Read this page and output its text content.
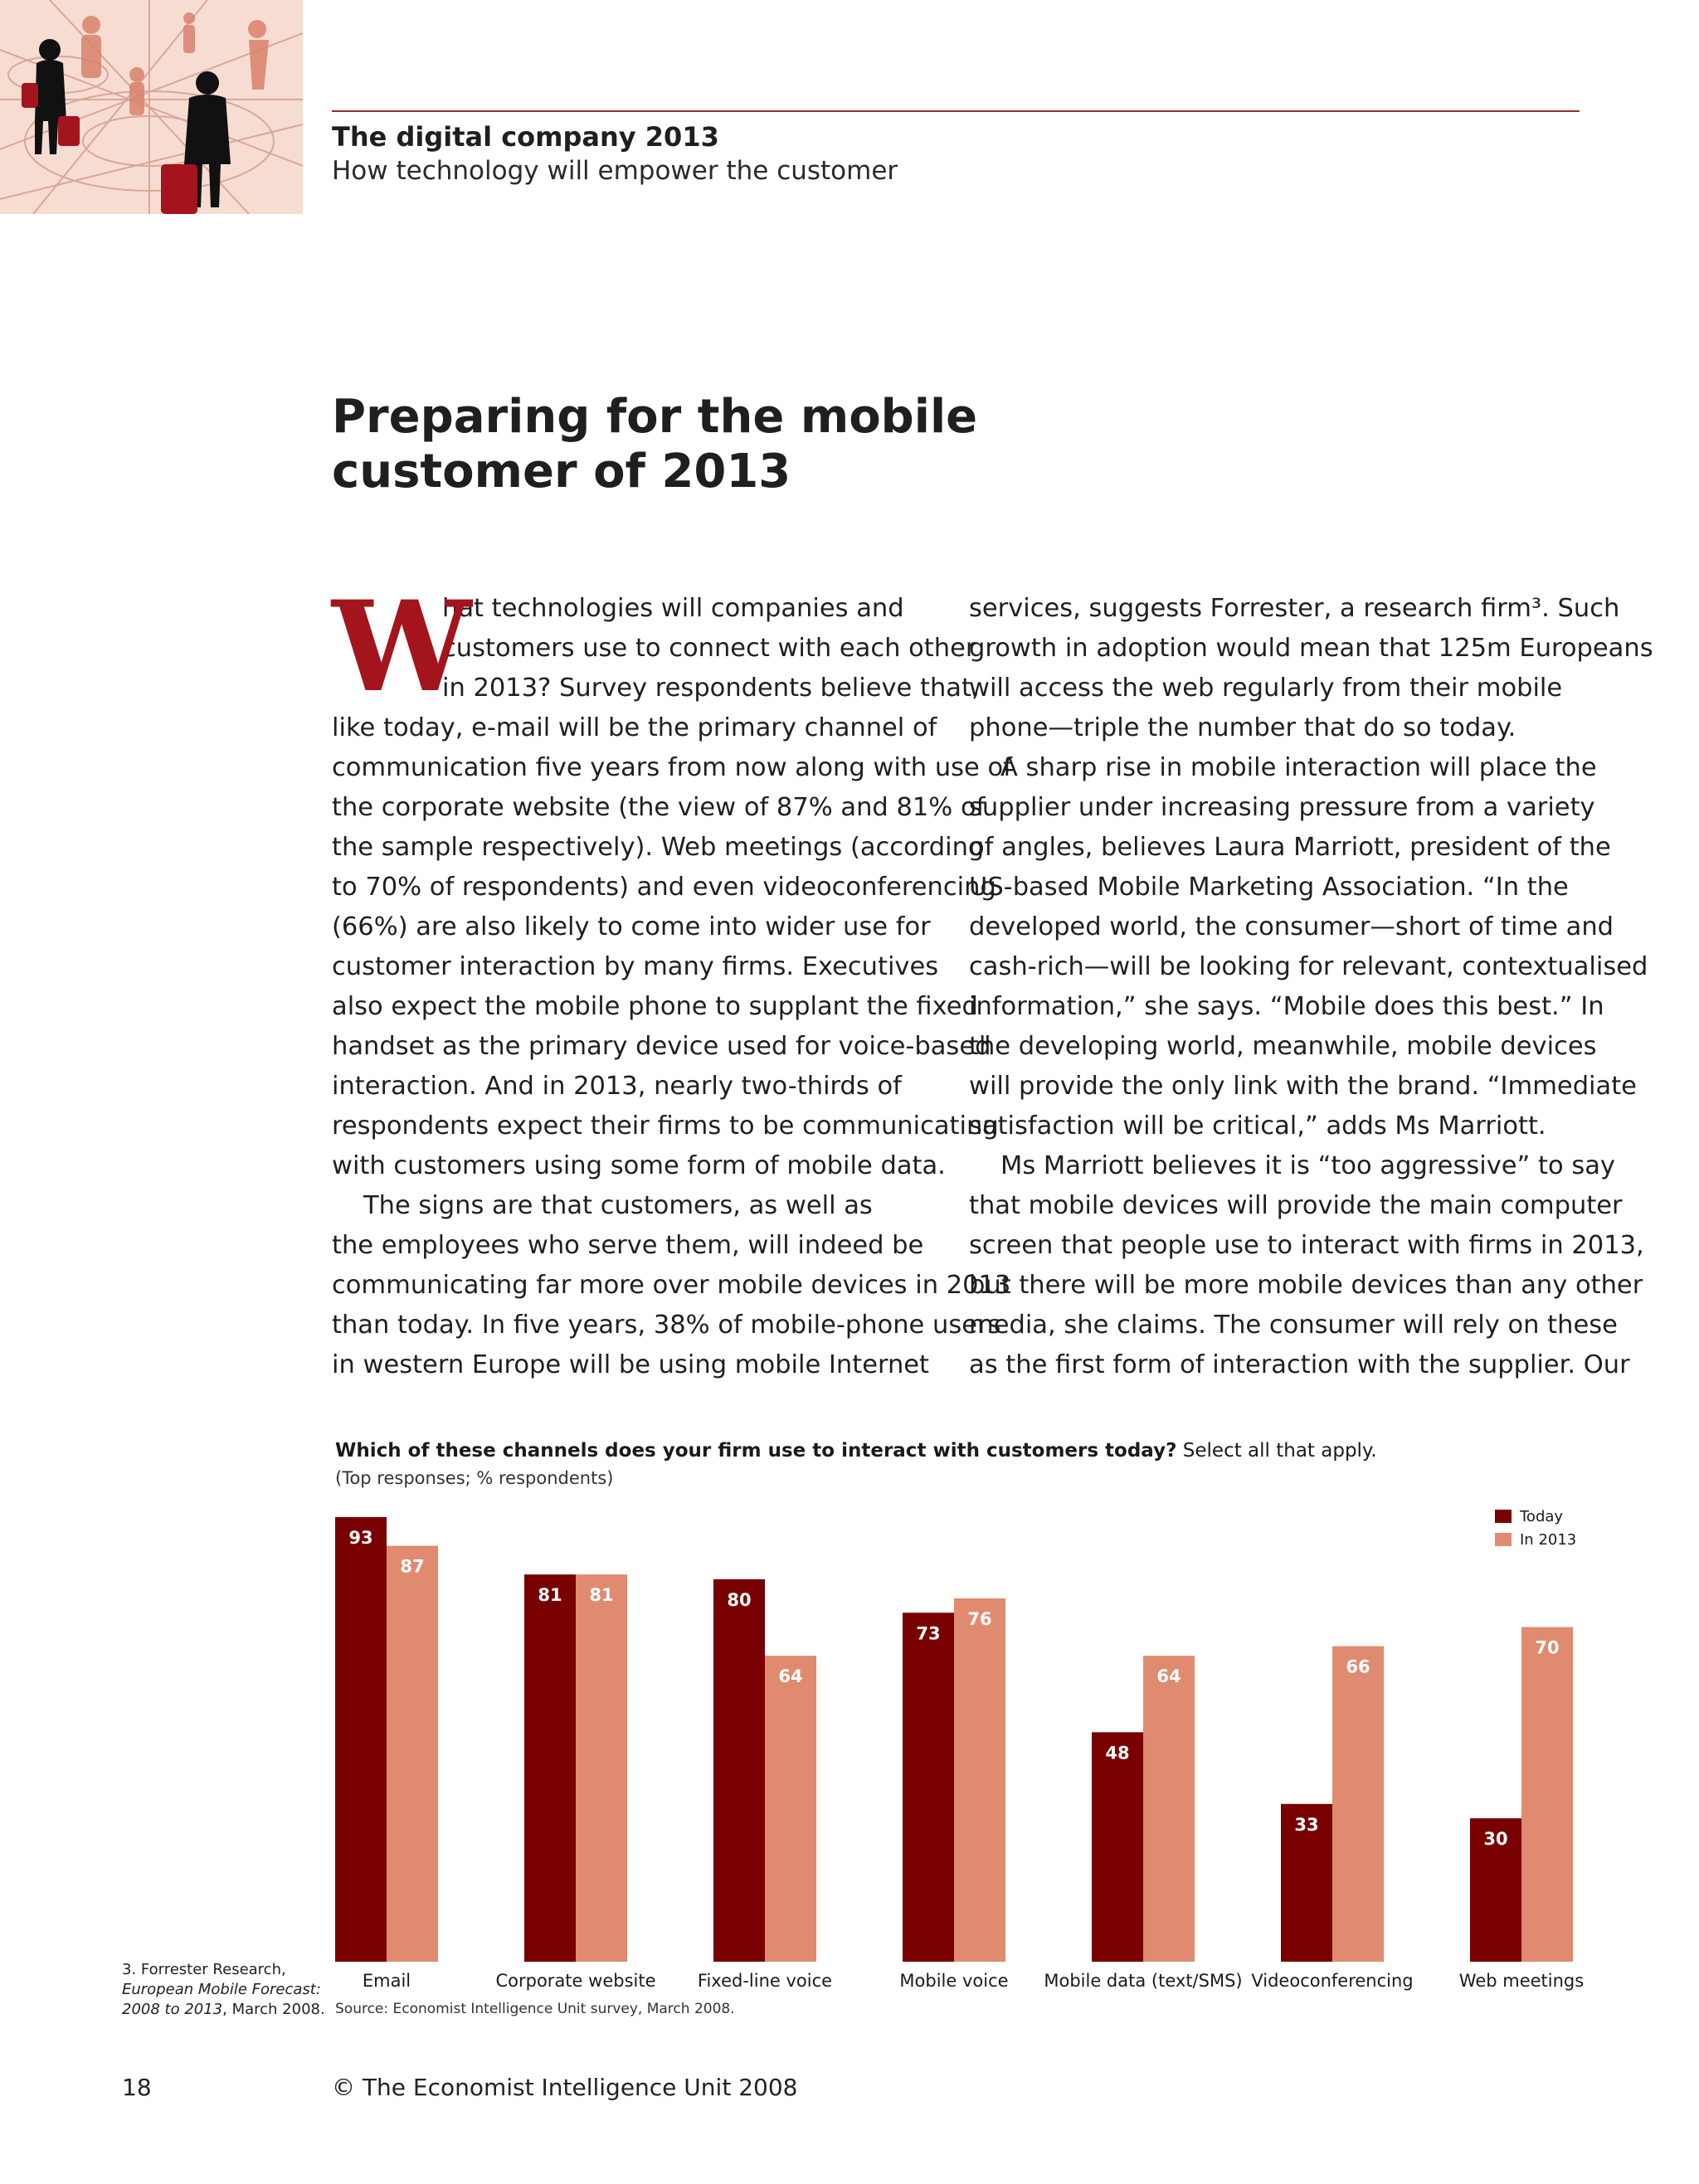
The digital company 2013
How technology will empower the customer
Preparing for the mobile
customer of 2013
W

hat technologies will companies and

customers use to connect with each other

in 2013? Survey respondents believe that,

like today, e-mail will be the primary channel of

communication five years from now along with use of

the corporate website (the view of 87% and 81% of

the sample respectively). Web meetings (according

to 70% of respondents) and even videoconferencing

(66%) are also likely to come into wider use for

customer interaction by many firms. Executives

also expect the mobile phone to supplant the fixed

handset as the primary device used for voice-based

interaction. And in 2013, nearly two-thirds of

respondents expect their firms to be communicating

with customers using some form of mobile data.

The signs are that customers, as well as

the employees who serve them, will indeed be

communicating far more over mobile devices in 2013

than today. In five years, 38% of mobile-phone users

in western Europe will be using mobile Internet

services, suggests Forrester, a research firm³. Such

growth in adoption would mean that 125m Europeans

will access the web regularly from their mobile

phone—triple the number that do so today.

A sharp rise in mobile interaction will place the

supplier under increasing pressure from a variety

of angles, believes Laura Marriott, president of the

US-based Mobile Marketing Association. “In the

developed world, the consumer—short of time and

cash-rich—will be looking for relevant, contextualised

information,” she says. “Mobile does this best.” In

the developing world, meanwhile, mobile devices

will provide the only link with the brand. “Immediate

satisfaction will be critical,” adds Ms Marriott.

Ms Marriott believes it is “too aggressive” to say

that mobile devices will provide the main computer

screen that people use to interact with firms in 2013,

but there will be more mobile devices than any other

media, she claims. The consumer will rely on these

as the first form of interaction with the supplier. Our

Which of these channels does your firm use to interact with customers today? Select all that apply.
(Top responses; % respondents)
93
87
Email
81 81
Corporate website
80
64
Fixed-line voice
73
76
Mobile voice
48
64
Mobile data (text/SMS)
33
66
Videoconferencing
30
70
Web meetings
Today
In 2013
Source: Economist Intelligence Unit survey, March 2008.
3. Forrester Research,
European Mobile Forecast:
2008 to 2013, March 2008.
18	© The Economist Intelligence Unit 2008
